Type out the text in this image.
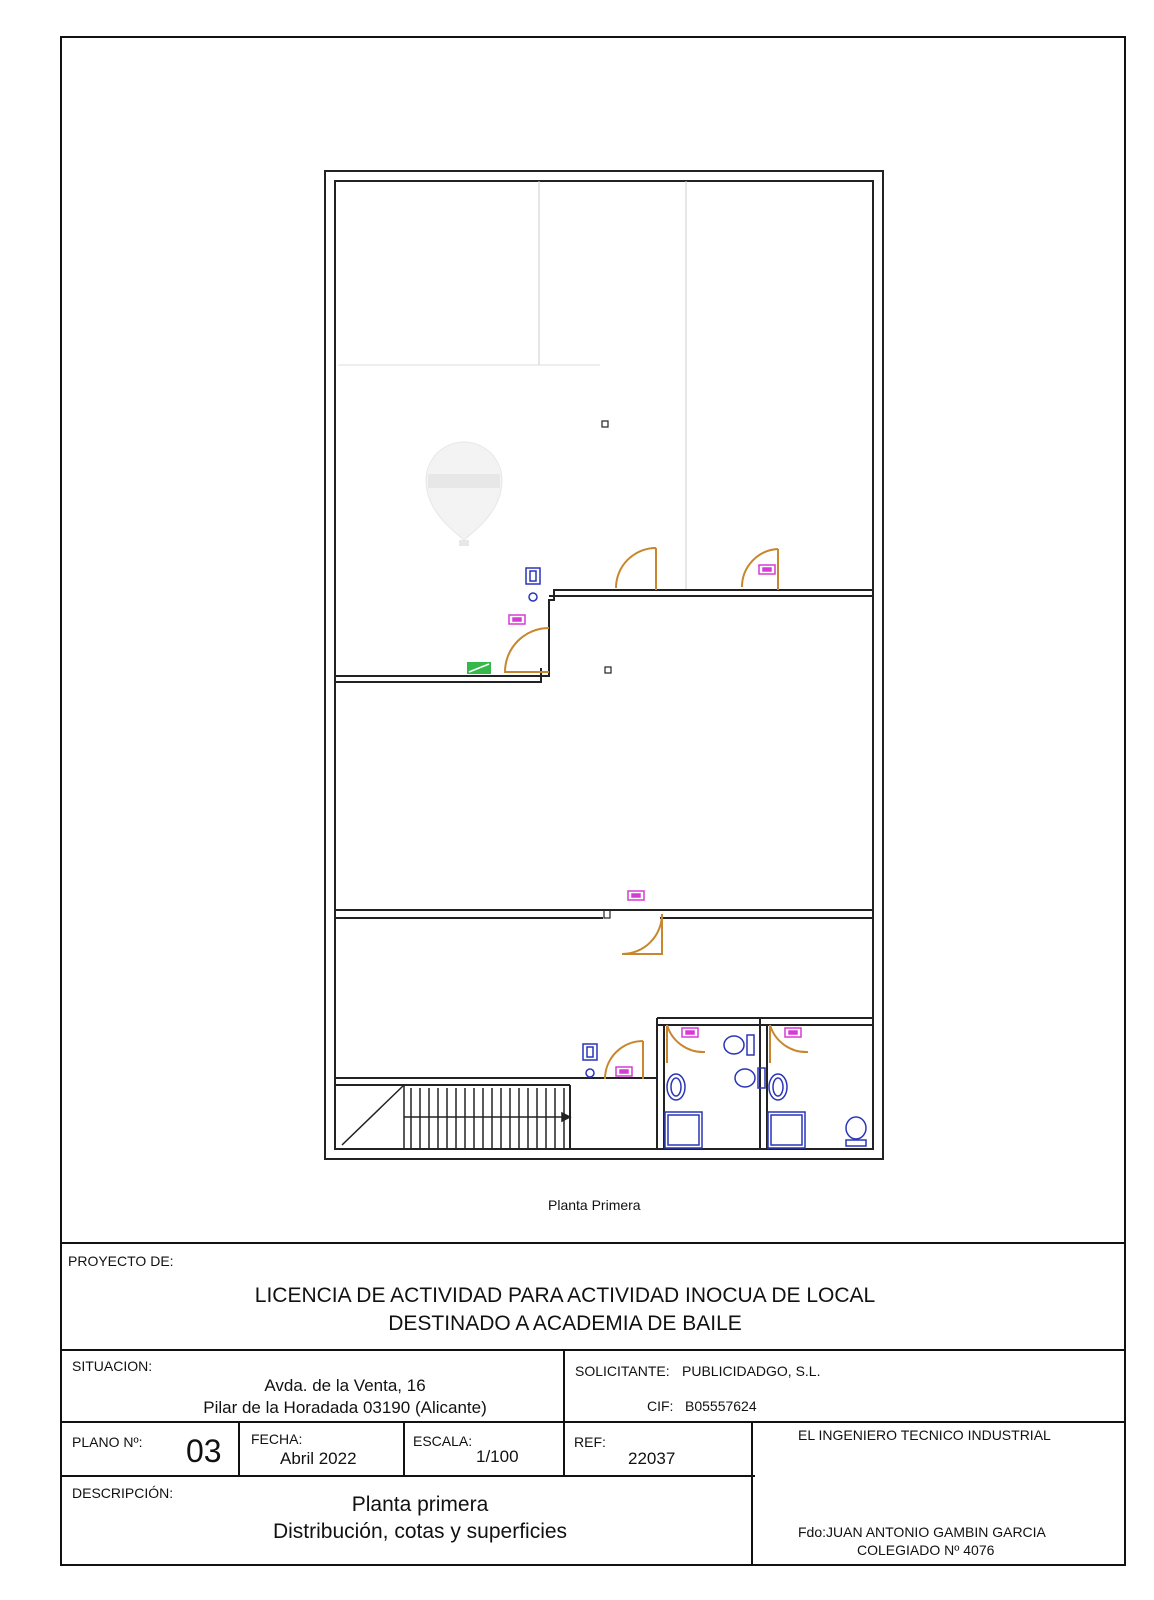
Planta Primera
PROYECTO DE:
LICENCIA DE ACTIVIDAD PARA ACTIVIDAD INOCUA DE LOCAL
DESTINADO A ACADEMIA DE BAILE
SITUACION:
Avda. de la Venta, 16
Pilar de la Horadada 03190 (Alicante)
SOLICITANTE: PUBLICIDADGO, S.L.
CIF: B05557624
PLANO Nº: 03 FECHA:
Abril 2022
ESCALA:
1/100
REF:
22037
EL INGENIERO TECNICO INDUSTRIAL
DESCRIPCIÓN:	Planta primera
Distribución, cotas y superficies	Fdo:JUAN ANTONIO GAMBIN GARCIA
COLEGIADO Nº 4076
